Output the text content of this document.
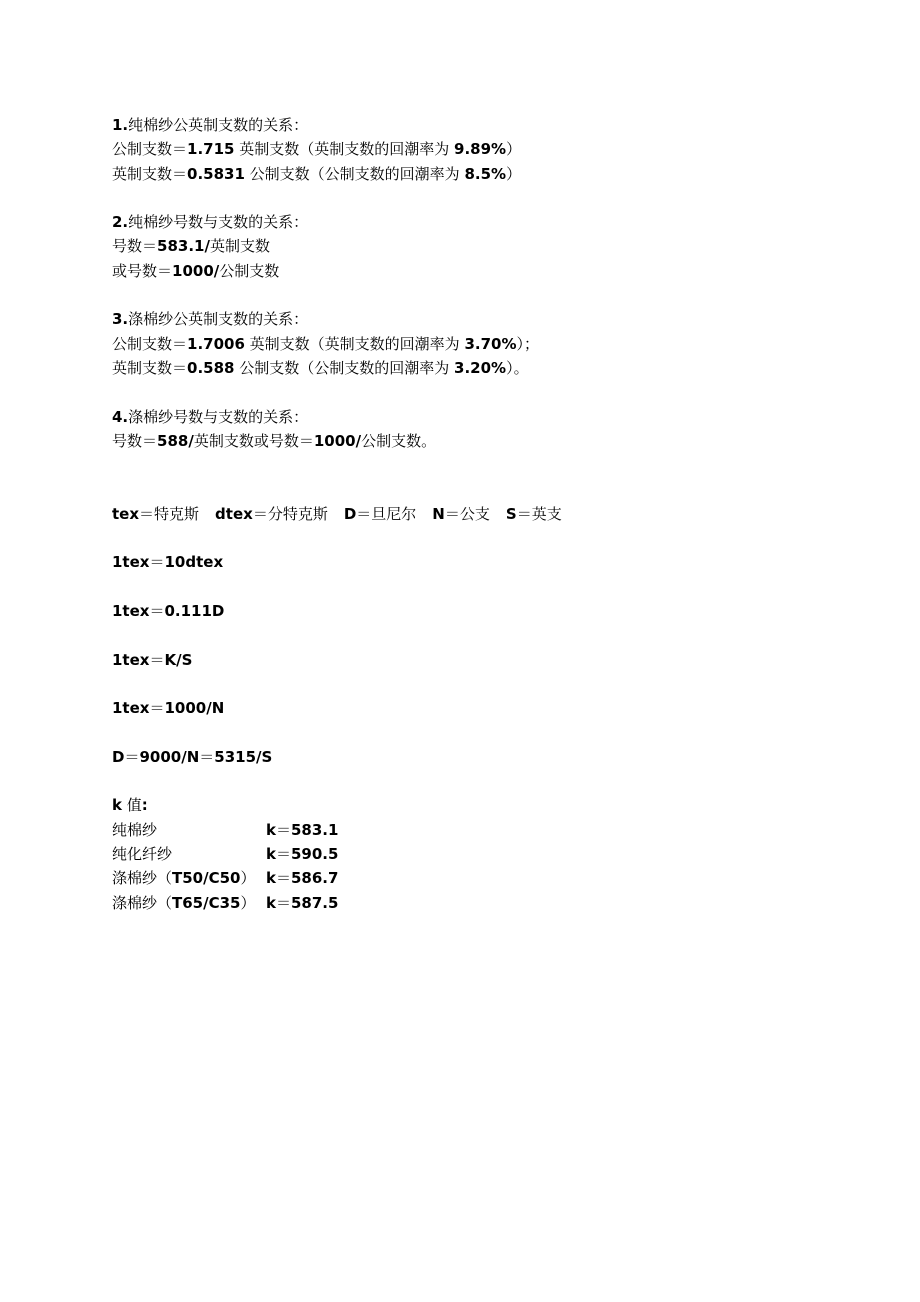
1.纯棉纱公英制支数的关系：
公制支数＝1.715 英制支数（英制支数的回潮率为 9.89%）
英制支数＝0.5831 公制支数（公制支数的回潮率为 8.5%）
2.纯棉纱号数与支数的关系：
号数＝583.1/英制支数
或号数＝1000/公制支数
3.涤棉纱公英制支数的关系：
公制支数＝1.7006 英制支数（英制支数的回潮率为 3.70%）；
英制支数＝0.588 公制支数（公制支数的回潮率为 3.20%）。
4.涤棉纱号数与支数的关系：
号数＝588/英制支数或号数＝1000/公制支数。
tex＝特克斯 dtex＝分特克斯 D＝旦尼尔 N＝公支 S＝英支
1tex＝10dtex
1tex＝0.111D
1tex＝K/S
1tex＝1000/N
D＝9000/N＝5315/S
k 值:
纯棉纱	k＝583.1
纯化纤纱	k＝590.5
涤棉纱（T50/C50） k＝586.7
涤棉纱（T65/C35） k＝587.5
